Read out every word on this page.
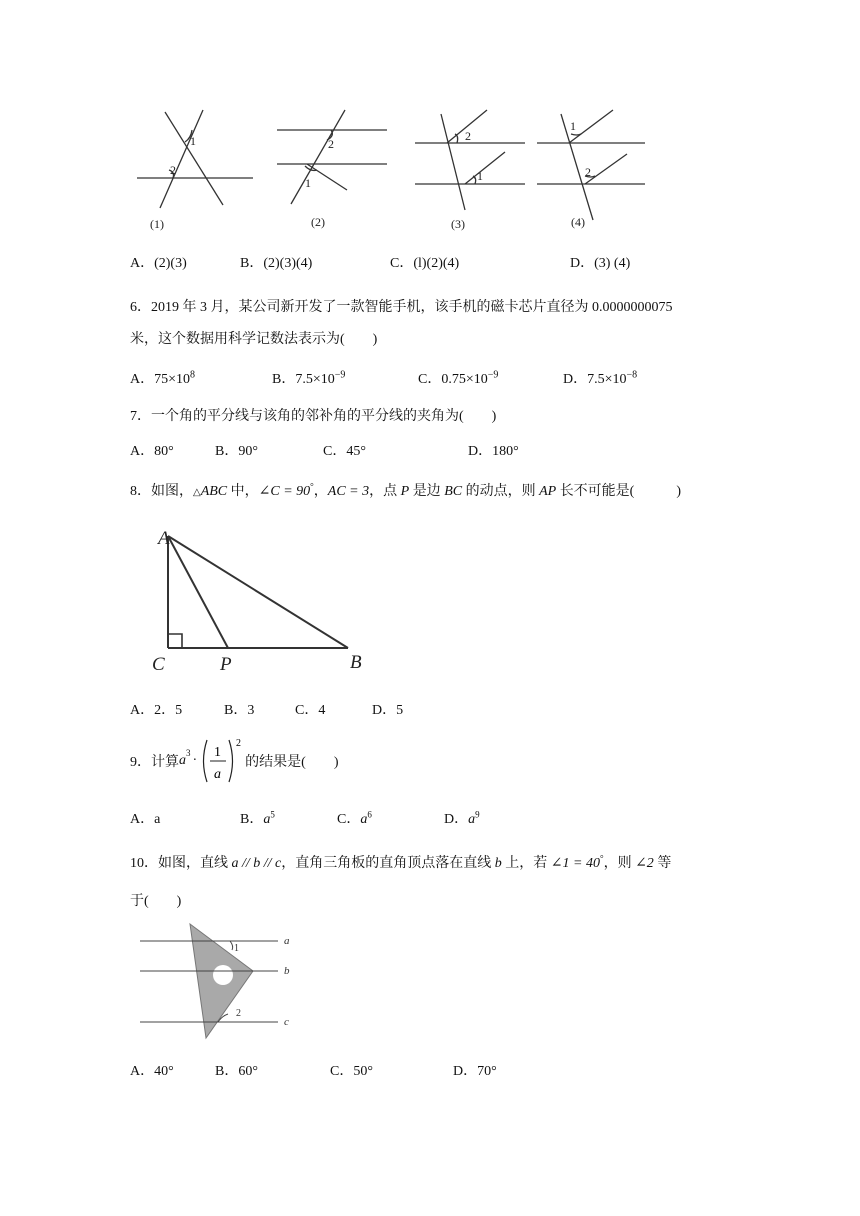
1
2
2
1
2
1
1
2
(1)	(2)	(3)	(4)
A．(2)(3)	B．(2)(3)(4)	C．(l)(2)(4)	D．(3) (4)
6．2019 年 3 月，某公司新开发了一款智能手机，该手机的磁卡芯片直径为 0.0000000075
米，这个数据用科学记数法表示为(　　)
A．$75\times 10^8$	B．$7.5\times 10^{-9}$	C．$0.75\times 10^{-9}$	D．$7.5\times 10^{-8}$
7．一个角的平分线与该角的邻补角的平分线的夹角为(　　)
A．80°	B．90°	C．45°	D．180°
8．如图，△ABC 中，∠C = 90°，AC = 3，点 P 是边 BC 的动点，则 AP 长不可能是(　　　)
A
C	P	B
A．2．5	B．3	C．4	D．5
9．计算 $a^3$ ·
1
a
2
的结果是(　　)
A．a	B．$a^5$	C．$a^6$	D．$a^9$
10．如图，直线 a // b // c，直角三角板的直角顶点落在直线 b 上，若 ∠1 = 40°，则 ∠2 等
于(　　)
a
b
c
1
2
A．40°	B．60°	C．50°	D．70°
